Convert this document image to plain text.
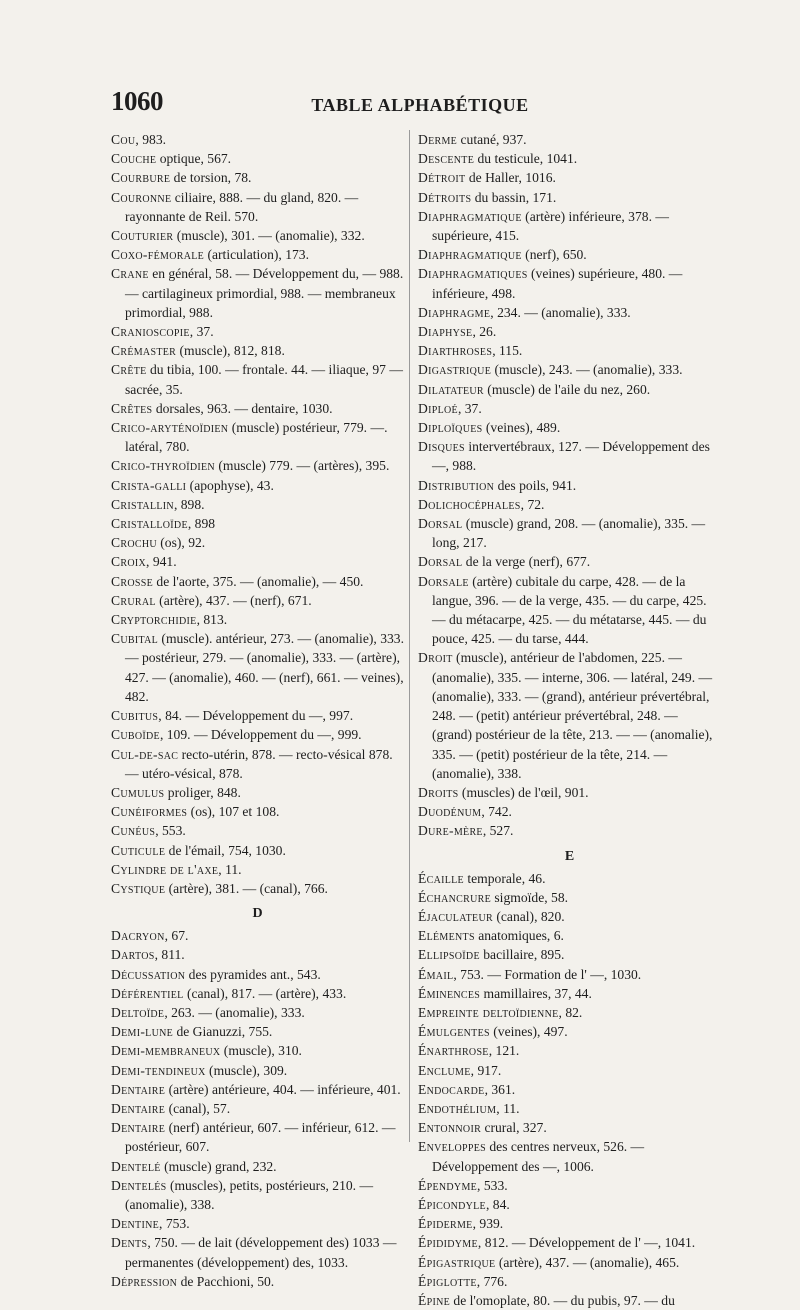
1060	TABLE ALPHABÉTIQUE

Cou, 983.

Couche optique, 567.

Courbure de torsion, 78.

Couronne ciliaire, 888. — du gland, 820. — rayonnante de Reil. 570.

Couturier (muscle), 301. — (anomalie), 332.

Coxo-fémorale (articulation), 173.

Crane en général, 58. — Développement du, — 988. — cartilagineux primordial, 988. — membraneux primordial, 988.

Cranioscopie, 37.

Crémaster (muscle), 812, 818.

Crête du tibia, 100. — frontale. 44. — iliaque, 97 — sacrée, 35.

Crêtes dorsales, 963. — dentaire, 1030.

Crico-aryténoïdien (muscle) postérieur, 779. —. latéral, 780.

Crico-thyroïdien (muscle) 779. — (artères), 395.

Crista-galli (apophyse), 43.

Cristallin, 898.

Cristalloïde, 898

Crochu (os), 92.

Croix, 941.

Crosse de l'aorte, 375. — (anomalie), — 450.

Crural (artère), 437. — (nerf), 671.

Cryptorchidie, 813.

Cubital (muscle). antérieur, 273. — (anomalie), 333. — postérieur, 279. — (anomalie), 333. — (artère), 427. — (anomalie), 460. — (nerf), 661. — veines), 482.

Cubitus, 84. — Développement du —, 997.

Cuboïde, 109. — Développement du —, 999.

Cul-de-sac recto-utérin, 878. — recto-vésical 878. — utéro-vésical, 878.

Cumulus proliger, 848.

Cunéiformes (os), 107 et 108.

Cunéus, 553.

Cuticule de l'émail, 754, 1030.

Cylindre de l'axe, 11.

Cystique (artère), 381. — (canal), 766.

D

Dacryon, 67.

Dartos, 811.

Décussation des pyramides ant., 543.

Déférentiel (canal), 817. — (artère), 433.

Deltoïde, 263. — (anomalie), 333.

Demi-lune de Gianuzzi, 755.

Demi-membraneux (muscle), 310.

Demi-tendineux (muscle), 309.

Dentaire (artère) antérieure, 404. — inférieure, 401.

Dentaire (canal), 57.

Dentaire (nerf) antérieur, 607. — inférieur, 612. — postérieur, 607.

Dentelé (muscle) grand, 232.

Dentelés (muscles), petits, postérieurs, 210. — (anomalie), 338.

Dentine, 753.

Dents, 750. — de lait (développement des) 1033 — permanentes (développement) des, 1033.

Dépression de Pacchioni, 50.

Derme cutané, 937.

Descente du testicule, 1041.

Détroit de Haller, 1016.

Détroits du bassin, 171.

Diaphragmatique (artère) inférieure, 378. — supérieure, 415.

Diaphragmatique (nerf), 650.

Diaphragmatiques (veines) supérieure, 480. — inférieure, 498.

Diaphragme, 234. — (anomalie), 333.

Diaphyse, 26.

Diarthroses, 115.

Digastrique (muscle), 243. — (anomalie), 333.

Dilatateur (muscle) de l'aile du nez, 260.

Diploé, 37.

Diploïques (veines), 489.

Disques intervertébraux, 127. — Développement des —, 988.

Distribution des poils, 941.

Dolichocéphales, 72.

Dorsal (muscle) grand, 208. — (anomalie), 335. — long, 217.

Dorsal de la verge (nerf), 677.

Dorsale (artère) cubitale du carpe, 428. — de la langue, 396. — de la verge, 435. — du carpe, 425. — du métacarpe, 425. — du métatarse, 445. — du pouce, 425. — du tarse, 444.

Droit (muscle), antérieur de l'abdomen, 225. — (anomalie), 335. — interne, 306. — latéral, 249. — (anomalie), 333. — (grand), antérieur prévertébral, 248. — (petit) antérieur prévertébral, 248. — (grand) postérieur de la tête, 213. — — (anomalie), 335. — (petit) postérieur de la tête, 214. — (anomalie), 338.

Droits (muscles) de l'œil, 901.

Duodénum, 742.

Dure-mère, 527.

E

Écaille temporale, 46.

Échancrure sigmoïde, 58.

Éjaculateur (canal), 820.

Eléments anatomiques, 6.

Ellipsoïde bacillaire, 895.

Émail, 753. — Formation de l' —, 1030.

Éminences mamillaires, 37, 44.

Empreinte deltoïdienne, 82.

Émulgentes (veines), 497.

Énarthrose, 121.

Enclume, 917.

Endocarde, 361.

Endothélium, 11.

Entonnoir crural, 327.

Enveloppes des centres nerveux, 526. — Développement des —, 1006.

Épendyme, 533.

Épicondyle, 84.

Épiderme, 939.

Épididyme, 812. — Développement de l' —, 1041.

Épigastrique (artère), 437. — (anomalie), 465.

Épiglotte, 776.

Épine de l'omoplate, 80. — du pubis, 97. — du
